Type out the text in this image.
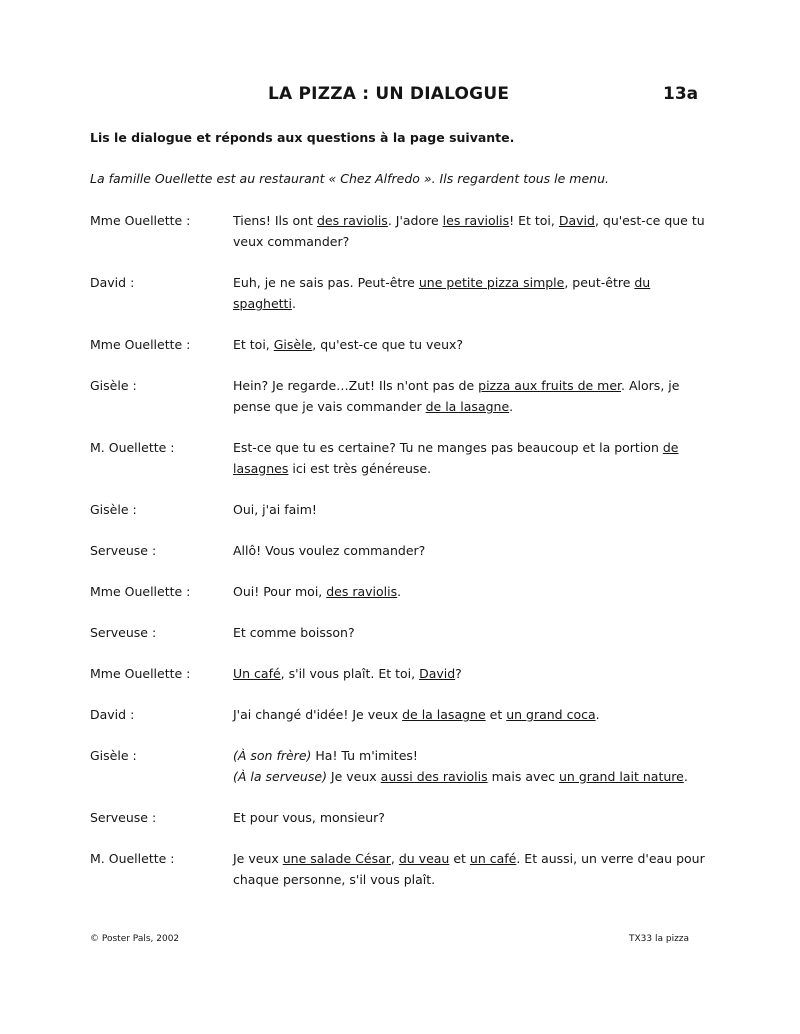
LA PIZZA : UN DIALOGUE	13a
Lis le dialogue et réponds aux questions à la page suivante.
La famille Ouellette est au restaurant « Chez Alfredo ». Ils regardent tous le menu.
Mme Ouellette :	Tiens! Ils ont des raviolis. J'adore les raviolis! Et toi, David, qu'est-ce que tu veux commander?
David :	Euh, je ne sais pas. Peut-être une petite pizza simple, peut-être du spaghetti.
Mme Ouellette :	Et toi, Gisèle, qu'est-ce que tu veux?
Gisèle :	Hein? Je regarde…Zut! Ils n'ont pas de pizza aux fruits de mer. Alors, je pense que je vais commander de la lasagne.
M. Ouellette :	Est-ce que tu es certaine? Tu ne manges pas beaucoup et la portion de lasagnes ici est très généreuse.
Gisèle :	Oui, j'ai faim!
Serveuse :	Allô! Vous voulez commander?
Mme Ouellette :	Oui! Pour moi, des raviolis.
Serveuse :	Et comme boisson?
Mme Ouellette :	Un café, s'il vous plaît. Et toi, David?
David :	J'ai changé d'idée! Je veux de la lasagne et un grand coca.
Gisèle :	(À son frère) Ha! Tu m'imites!
(À la serveuse) Je veux aussi des raviolis mais avec un grand lait nature.
Serveuse :	Et pour vous, monsieur?
M. Ouellette :	Je veux une salade César, du veau et un café. Et aussi, un verre d'eau pour chaque personne, s'il vous plaît.
© Poster Pals, 2002	TX33 la pizza
